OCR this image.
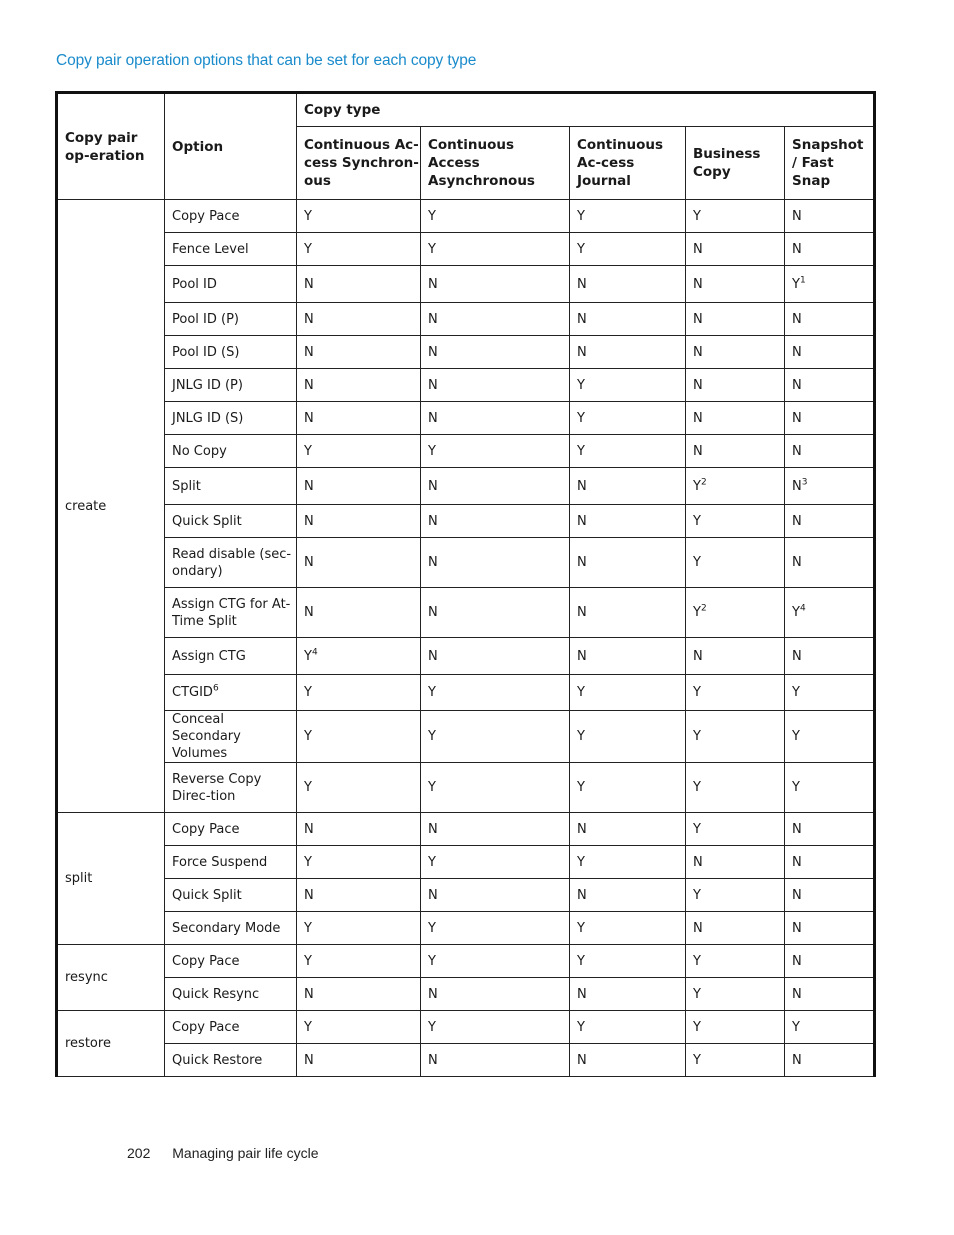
Copy pair operation options that can be set for each copy type
Copy pair op-eration	Option	Copy type				
		Continuous Ac-cess Synchron-ous	Continuous Access Asynchronous	Continuous Ac-cess Journal	Business Copy	Snapshot / Fast Snap
create	Copy Pace	Y	Y	Y	Y	N
	Fence Level	Y	Y	Y	N	N
	Pool ID	N	N	N	N	$Y^1$
	Pool ID (P)	N	N	N	N	N
	Pool ID (S)	N	N	N	N	N
	JNLG ID (P)	N	N	Y	N	N
	JNLG ID (S)	N	N	Y	N	N
	No Copy	Y	Y	Y	N	N
	Split	N	N	N	$Y^2$	$N^3$
	Quick Split	N	N	N	Y	N
	Read disable (sec-ondary)	N	N	N	Y	N
	Assign CTG for At-Time Split	N	N	N	$Y^2$	$Y^4$
	Assign CTG	$Y^4$	N	N	N	N
	CTGID$^6$	Y	Y	Y	Y	Y
	Conceal Secondary Volumes	Y	Y	Y	Y	Y
	Reverse Copy Direc-tion	Y	Y	Y	Y	Y
split	Copy Pace	N	N	N	Y	N
	Force Suspend	Y	Y	Y	N	N
	Quick Split	N	N	N	Y	N
	Secondary Mode	Y	Y	Y	N	N
resync	Copy Pace	Y	Y	Y	Y	N
	Quick Resync	N	N	N	Y	N
restore	Copy Pace	Y	Y	Y	Y	Y
	Quick Restore	N	N	N	Y	N
202 Managing pair life cycle
